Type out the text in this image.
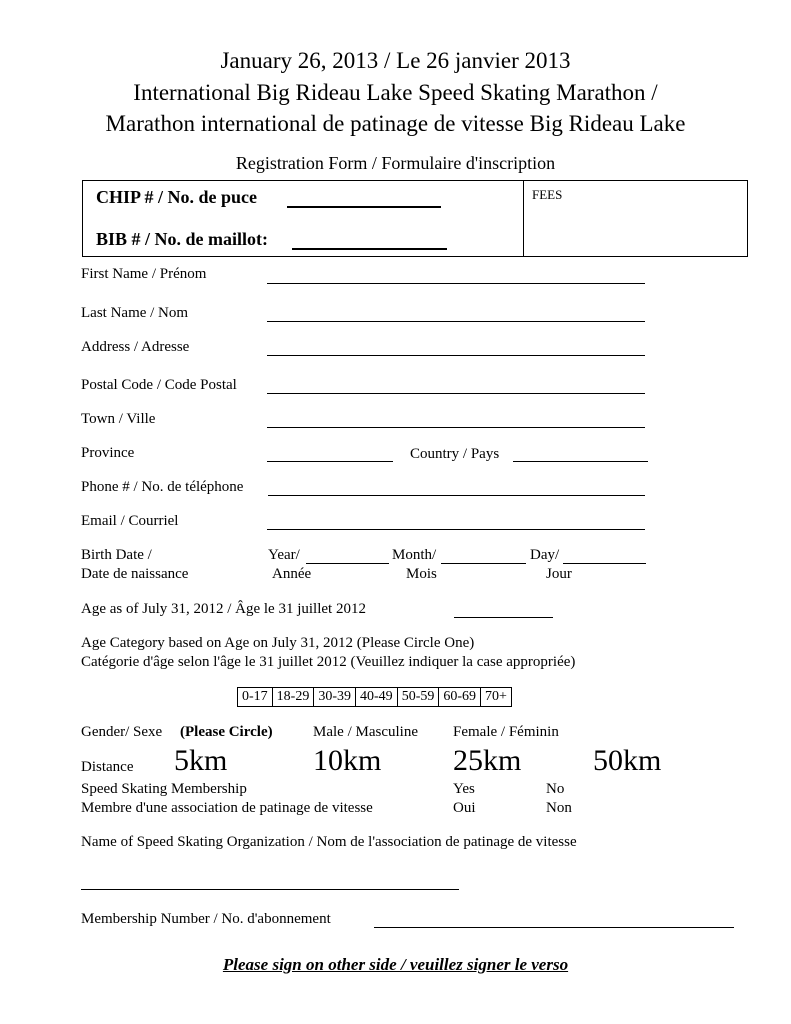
January 26, 2013 / Le 26 janvier 2013
International Big Rideau Lake Speed Skating Marathon /
Marathon international de patinage de vitesse Big Rideau Lake
Registration Form / Formulaire d'inscription
CHIP # / No. de puce
BIB # / No. de maillot:
FEES
First Name / Prénom
Last Name / Nom
Address / Adresse
Postal Code / Code Postal
Town / Ville
Province	Country / Pays
Phone # / No. de téléphone
Email / Courriel
Birth Date /
Date de naissance
Year/	Month/	Day/
Année	Mois	Jour
Age as of July 31, 2012 / Âge le 31 juillet 2012
Age Category based on Age on July 31, 2012 (Please Circle One)
Catégorie d'âge selon l'âge le 31 juillet 2012 (Veuillez indiquer la case appropriée)
0-17	18-29	30-39	40-49	50-59	60-69	70+
Gender/ Sexe (Please Circle)	Male / Masculine Female / Féminin
Distance 5km	10km 25km 50km
Speed Skating Membership
Membre d'une association de patinage de vitesse
Yes	No
Oui	Non
Name of Speed Skating Organization / Nom de l'association de patinage de vitesse
Membership Number / No. d'abonnement
Please sign on other side / veuillez signer le verso
